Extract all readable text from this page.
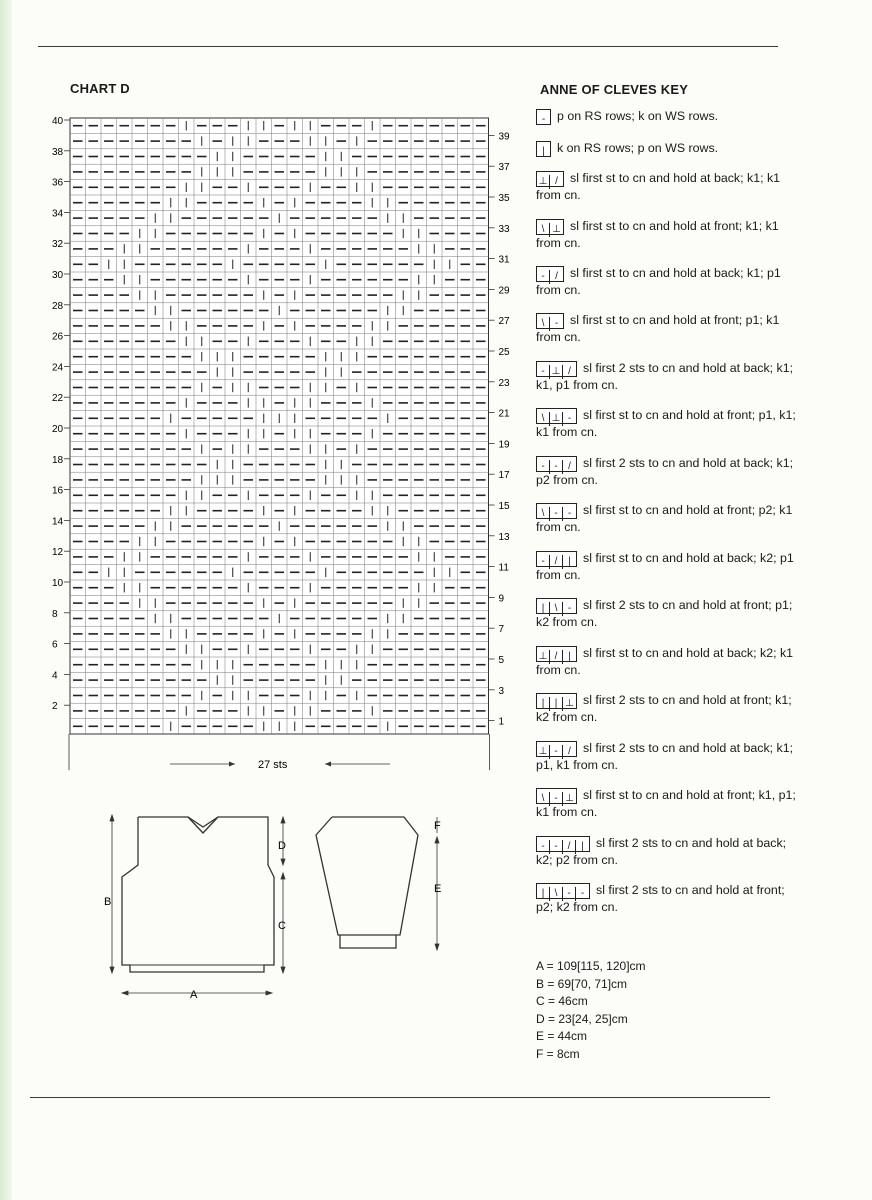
CHART D	ANNE OF CLEVES KEY
40
38
36
34
32
30
28
26
24
22
20
18
16
14
12
10
8
6
4
2
39
37
35
33
31
29
27
25
23
21
19
17
15
13
11
9
7
5
3
1
27 sts
- p on RS rows; k on WS rows.
| k on RS rows; p on WS rows.
⊥ / sl first st to cn and hold at back; k1; k1 from cn.
\ ⊥ sl first st to cn and hold at front; k1; k1 from cn.
- / sl first st to cn and hold at back; k1; p1 from cn.
\ - sl first st to cn and hold at front; p1; k1 from cn.
- ⊥ / sl first 2 sts to cn and hold at back; k1; k1, p1 from cn.
\ ⊥ - sl first st to cn and hold at front; p1, k1; k1 from cn.
- - / sl first 2 sts to cn and hold at back; k1; p2 from cn.
\ - - sl first st to cn and hold at front; p2; k1 from cn.
- / | sl first st to cn and hold at back; k2; p1 from cn.
| \ - sl first 2 sts to cn and hold at front; p1; k2 from cn.
⊥ / | sl first st to cn and hold at back; k2; k1 from cn.
| | ⊥ sl first 2 sts to cn and hold at front; k1; k2 from cn.
⊥ - / sl first 2 sts to cn and hold at back; k1; p1, k1 from cn.
\ - ⊥ sl first st to cn and hold at front; k1, p1; k1 from cn.
- - / | sl first 2 sts to cn and hold at back; k2; p2 from cn.
| \ - - sl first 2 sts to cn and hold at front; p2; k2 from cn.
B
A
D
C
F
E
A = 109[115, 120]cm
B = 69[70, 71]cm
C = 46cm
D = 23[24, 25]cm
E = 44cm
F = 8cm
